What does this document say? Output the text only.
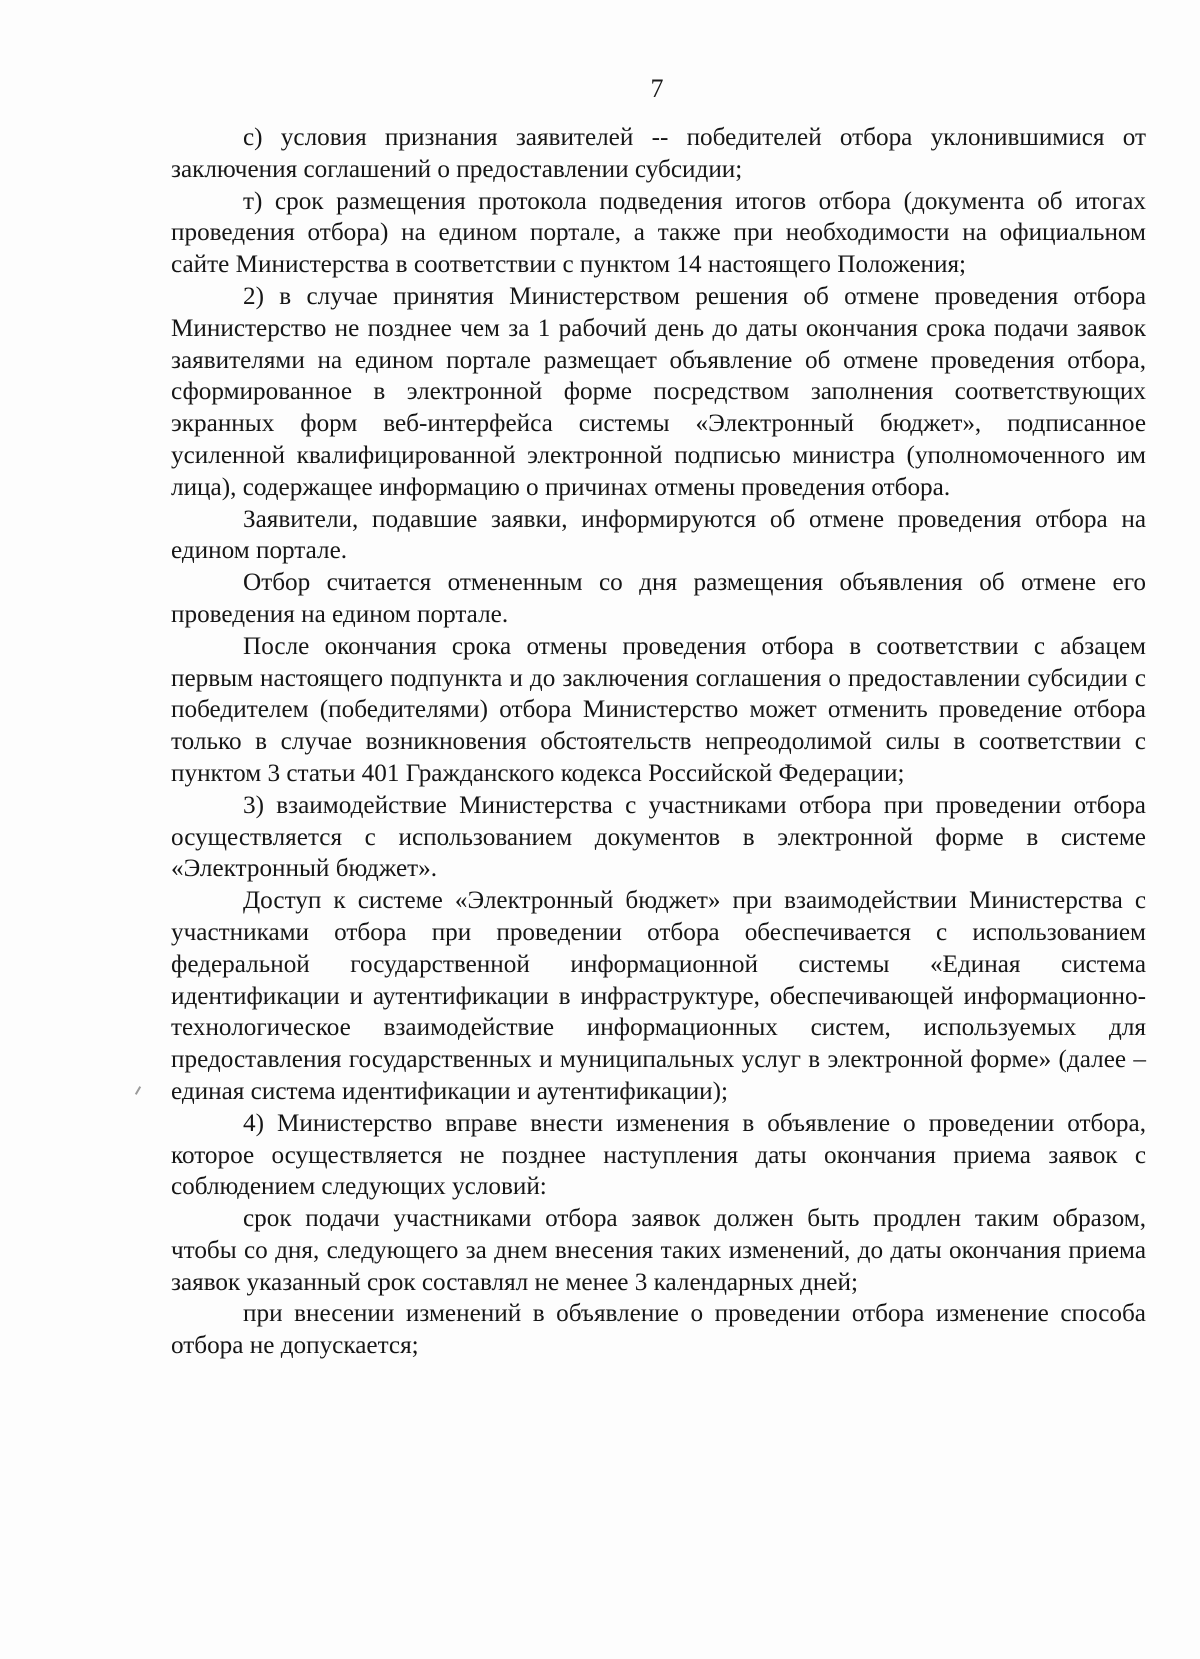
7

с) условия признания заявителей -- победителей отбора уклонившимися от заключения соглашений о предоставлении субсидии;

т) срок размещения протокола подведения итогов отбора (документа об итогах проведения отбора) на едином портале, а также при необходимости на официальном сайте Министерства в соответствии с пунктом 14 настоящего Положения;

2) в случае принятия Министерством решения об отмене проведения отбора Министерство не позднее чем за 1 рабочий день до даты окончания срока подачи заявок заявителями на едином портале размещает объявление об отмене проведения отбора, сформированное в электронной форме посредством заполнения соответствующих экранных форм веб-интерфейса системы «Электронный бюджет», подписанное усиленной квалифицированной электронной подписью министра (уполномоченного им лица), содержащее информацию о причинах отмены проведения отбора.

Заявители, подавшие заявки, информируются об отмене проведения отбора на едином портале.

Отбор считается отмененным со дня размещения объявления об отмене его проведения на едином портале.

После окончания срока отмены проведения отбора в соответствии с абзацем первым настоящего подпункта и до заключения соглашения о предоставлении субсидии с победителем (победителями) отбора Министерство может отменить проведение отбора только в случае возникновения обстоятельств непреодолимой силы в соответствии с пунктом 3 статьи 401 Гражданского кодекса Российской Федерации;

3) взаимодействие Министерства с участниками отбора при проведении отбора осуществляется с использованием документов в электронной форме в системе «Электронный бюджет».

Доступ к системе «Электронный бюджет» при взаимодействии Министерства с участниками отбора при проведении отбора обеспечивается с использованием федеральной государственной информационной системы «Единая система идентификации и аутентификации в инфраструктуре, обеспечивающей информационно-технологическое взаимодействие информационных систем, используемых для предоставления государственных и муниципальных услуг в электронной форме» (далее – единая система идентификации и аутентификации);

4) Министерство вправе внести изменения в объявление о проведении отбора, которое осуществляется не позднее наступления даты окончания приема заявок с соблюдением следующих условий:

срок подачи участниками отбора заявок должен быть продлен таким образом, чтобы со дня, следующего за днем внесения таких изменений, до даты окончания приема заявок указанный срок составлял не менее 3 календарных дней;

при внесении изменений в объявление о проведении отбора изменение способа отбора не допускается;
